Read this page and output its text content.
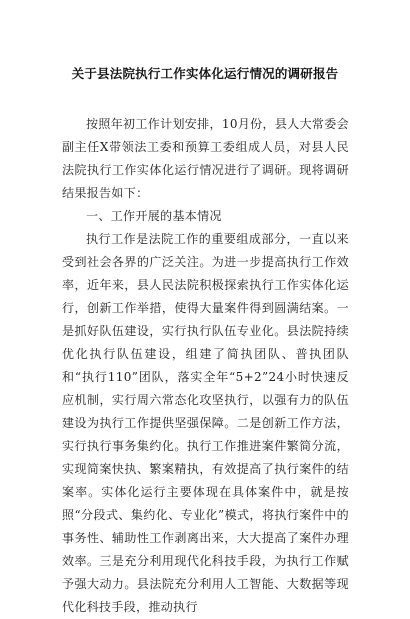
关于县法院执行工作实体化运行情况的调研报告

按照年初工作计划安排，10月份，县人大常委会副主任X带领法工委和预算工委组成人员，对县人民法院执行工作实体化运行情况进行了调研。现将调研结果报告如下：

一、工作开展的基本情况

执行工作是法院工作的重要组成部分，一直以来受到社会各界的广泛关注。为进一步提高执行工作效率，近年来，县人民法院积极探索执行工作实体化运行，创新工作举措，使得大量案件得到圆满结案。一是抓好队伍建设，实行执行队伍专业化。县法院持续优化执行队伍建设，组建了简执团队、普执团队和“执行110”团队，落实全年“5+2”24小时快速反应机制，实行周六常态化攻坚执行，以强有力的队伍建设为执行工作提供坚强保障。二是创新工作方法，实行执行事务集约化。执行工作推进案件繁简分流，实现简案快执、繁案精执，有效提高了执行案件的结案率。实体化运行主要体现在具体案件中，就是按照“分段式、集约化、专业化”模式，将执行案件中的事务性、辅助性工作剥离出来，大大提高了案件办理效率。三是充分利用现代化科技手段，为执行工作赋予强大动力。县法院充分利用人工智能、大数据等现代化科技手段，推动执行
